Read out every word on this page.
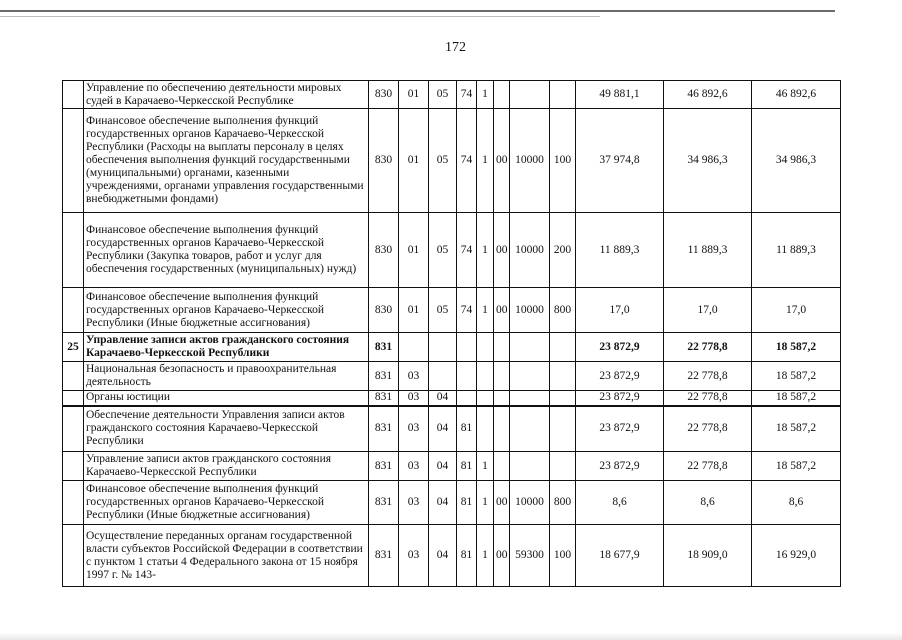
172
	Управление по обеспечению деятельности мировых судей в Карачаево-Черкесской Республике	830	01	05	74	1				49 881,1	46 892,6	46 892,6
	Финансовое обеспечение выполнения функций государственных органов Карачаево-Черкесской Республики (Расходы на выплаты персоналу в целях обеспечения выполнения функций государственными (муниципальными) органами, казенными учреждениями, органами управления государственными внебюджетными фондами)	830	01	05	74	1	00	10000	100	37 974,8	34 986,3	34 986,3
	Финансовое обеспечение выполнения функций государственных органов Карачаево-Черкесской Республики (Закупка товаров, работ и услуг для обеспечения государственных (муниципальных) нужд)	830	01	05	74	1	00	10000	200	11 889,3	11 889,3	11 889,3
	Финансовое обеспечение выполнения функций государственных органов Карачаево-Черкесской Республики (Иные бюджетные ассигнования)	830	01	05	74	1	00	10000	800	17,0	17,0	17,0
25	Управление записи актов гражданского состояния Карачаево-Черкесской Республики	831								23 872,9	22 778,8	18 587,2
	Национальная безопасность и правоохранительная деятельность	831	03							23 872,9	22 778,8	18 587,2
	Органы юстиции	831	03	04						23 872,9	22 778,8	18 587,2
	Обеспечение деятельности Управления записи актов гражданского состояния Карачаево-Черкесской Республики	831	03	04	81					23 872,9	22 778,8	18 587,2
	Управление записи актов гражданского состояния Карачаево-Черкесской Республики	831	03	04	81	1				23 872,9	22 778,8	18 587,2
	Финансовое обеспечение выполнения функций государственных органов Карачаево-Черкесской Республики (Иные бюджетные ассигнования)	831	03	04	81	1	00	10000	800	8,6	8,6	8,6
	Осуществление переданных органам государственной власти субъектов Российской Федерации в соответствии с пунктом 1 статьи 4 Федерального закона от 15 ноября 1997 г. № 143-	831	03	04	81	1	00	59300	100	18 677,9	18 909,0	16 929,0
